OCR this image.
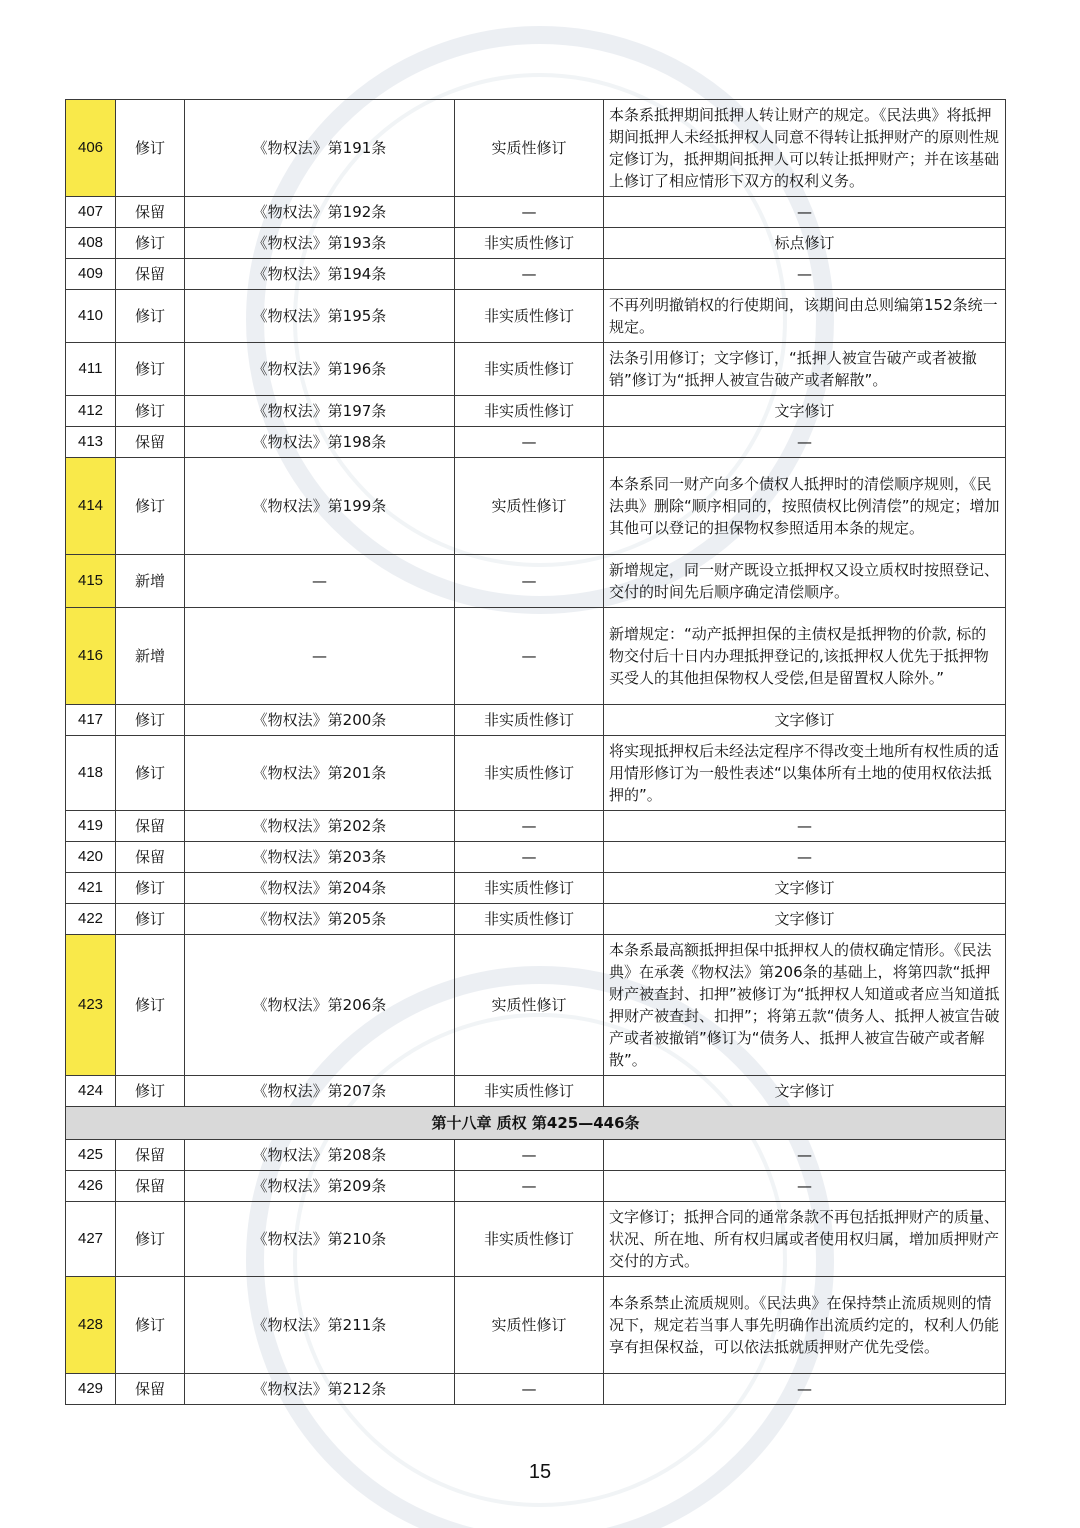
406	修订	《物权法》第191条	实质性修订	本条系抵押期间抵押人转让财产的规定。《民法典》将抵押期间抵押人未经抵押权人同意不得转让抵押财产的原则性规定修订为，抵押期间抵押人可以转让抵押财产；并在该基础上修订了相应情形下双方的权利义务。
407	保留	《物权法》第192条	—	—
408	修订	《物权法》第193条	非实质性修订	标点修订
409	保留	《物权法》第194条	—	—
410	修订	《物权法》第195条	非实质性修订	不再列明撤销权的行使期间，该期间由总则编第152条统一规定。
411	修订	《物权法》第196条	非实质性修订	法条引用修订；文字修订，“抵押人被宣告破产或者被撤销”修订为“抵押人被宣告破产或者解散”。
412	修订	《物权法》第197条	非实质性修订	文字修订
413	保留	《物权法》第198条	—	—
414	修订	《物权法》第199条	实质性修订	本条系同一财产向多个债权人抵押时的清偿顺序规则，《民法典》删除“顺序相同的，按照债权比例清偿”的规定；增加其他可以登记的担保物权参照适用本条的规定。
415	新增	—	—	新增规定，同一财产既设立抵押权又设立质权时按照登记、交付的时间先后顺序确定清偿顺序。
416	新增	—	—	新增规定：“动产抵押担保的主债权是抵押物的价款, 标的物交付后十日内办理抵押登记的,该抵押权人优先于抵押物 买受人的其他担保物权人受偿,但是留置权人除外。”
417	修订	《物权法》第200条	非实质性修订	文字修订
418	修订	《物权法》第201条	非实质性修订	将实现抵押权后未经法定程序不得改变土地所有权性质的适用情形修订为一般性表述“以集体所有土地的使用权依法抵押的”。
419	保留	《物权法》第202条	—	—
420	保留	《物权法》第203条	—	—
421	修订	《物权法》第204条	非实质性修订	文字修订
422	修订	《物权法》第205条	非实质性修订	文字修订
423	修订	《物权法》第206条	实质性修订	本条系最高额抵押担保中抵押权人的债权确定情形。《民法典》在承袭《物权法》第206条的基础上，将第四款“抵押财产被查封、扣押”被修订为“抵押权人知道或者应当知道抵押财产被查封、扣押”；将第五款“债务人、抵押人被宣告破产或者被撤销”修订为“债务人、抵押人被宣告破产或者解散”。
424	修订	《物权法》第207条	非实质性修订	文字修订
第十八章 质权 第425—446条				
425	保留	《物权法》第208条	—	—
426	保留	《物权法》第209条	—	—
427	修订	《物权法》第210条	非实质性修订	文字修订；抵押合同的通常条款不再包括抵押财产的质量、状况、所在地、所有权归属或者使用权归属，增加质押财产交付的方式。
428	修订	《物权法》第211条	实质性修订	本条系禁止流质规则。《民法典》在保持禁止流质规则的情况下，规定若当事人事先明确作出流质约定的，权利人仍能享有担保权益，可以依法抵就质押财产优先受偿。
429	保留	《物权法》第212条	—	—
15
